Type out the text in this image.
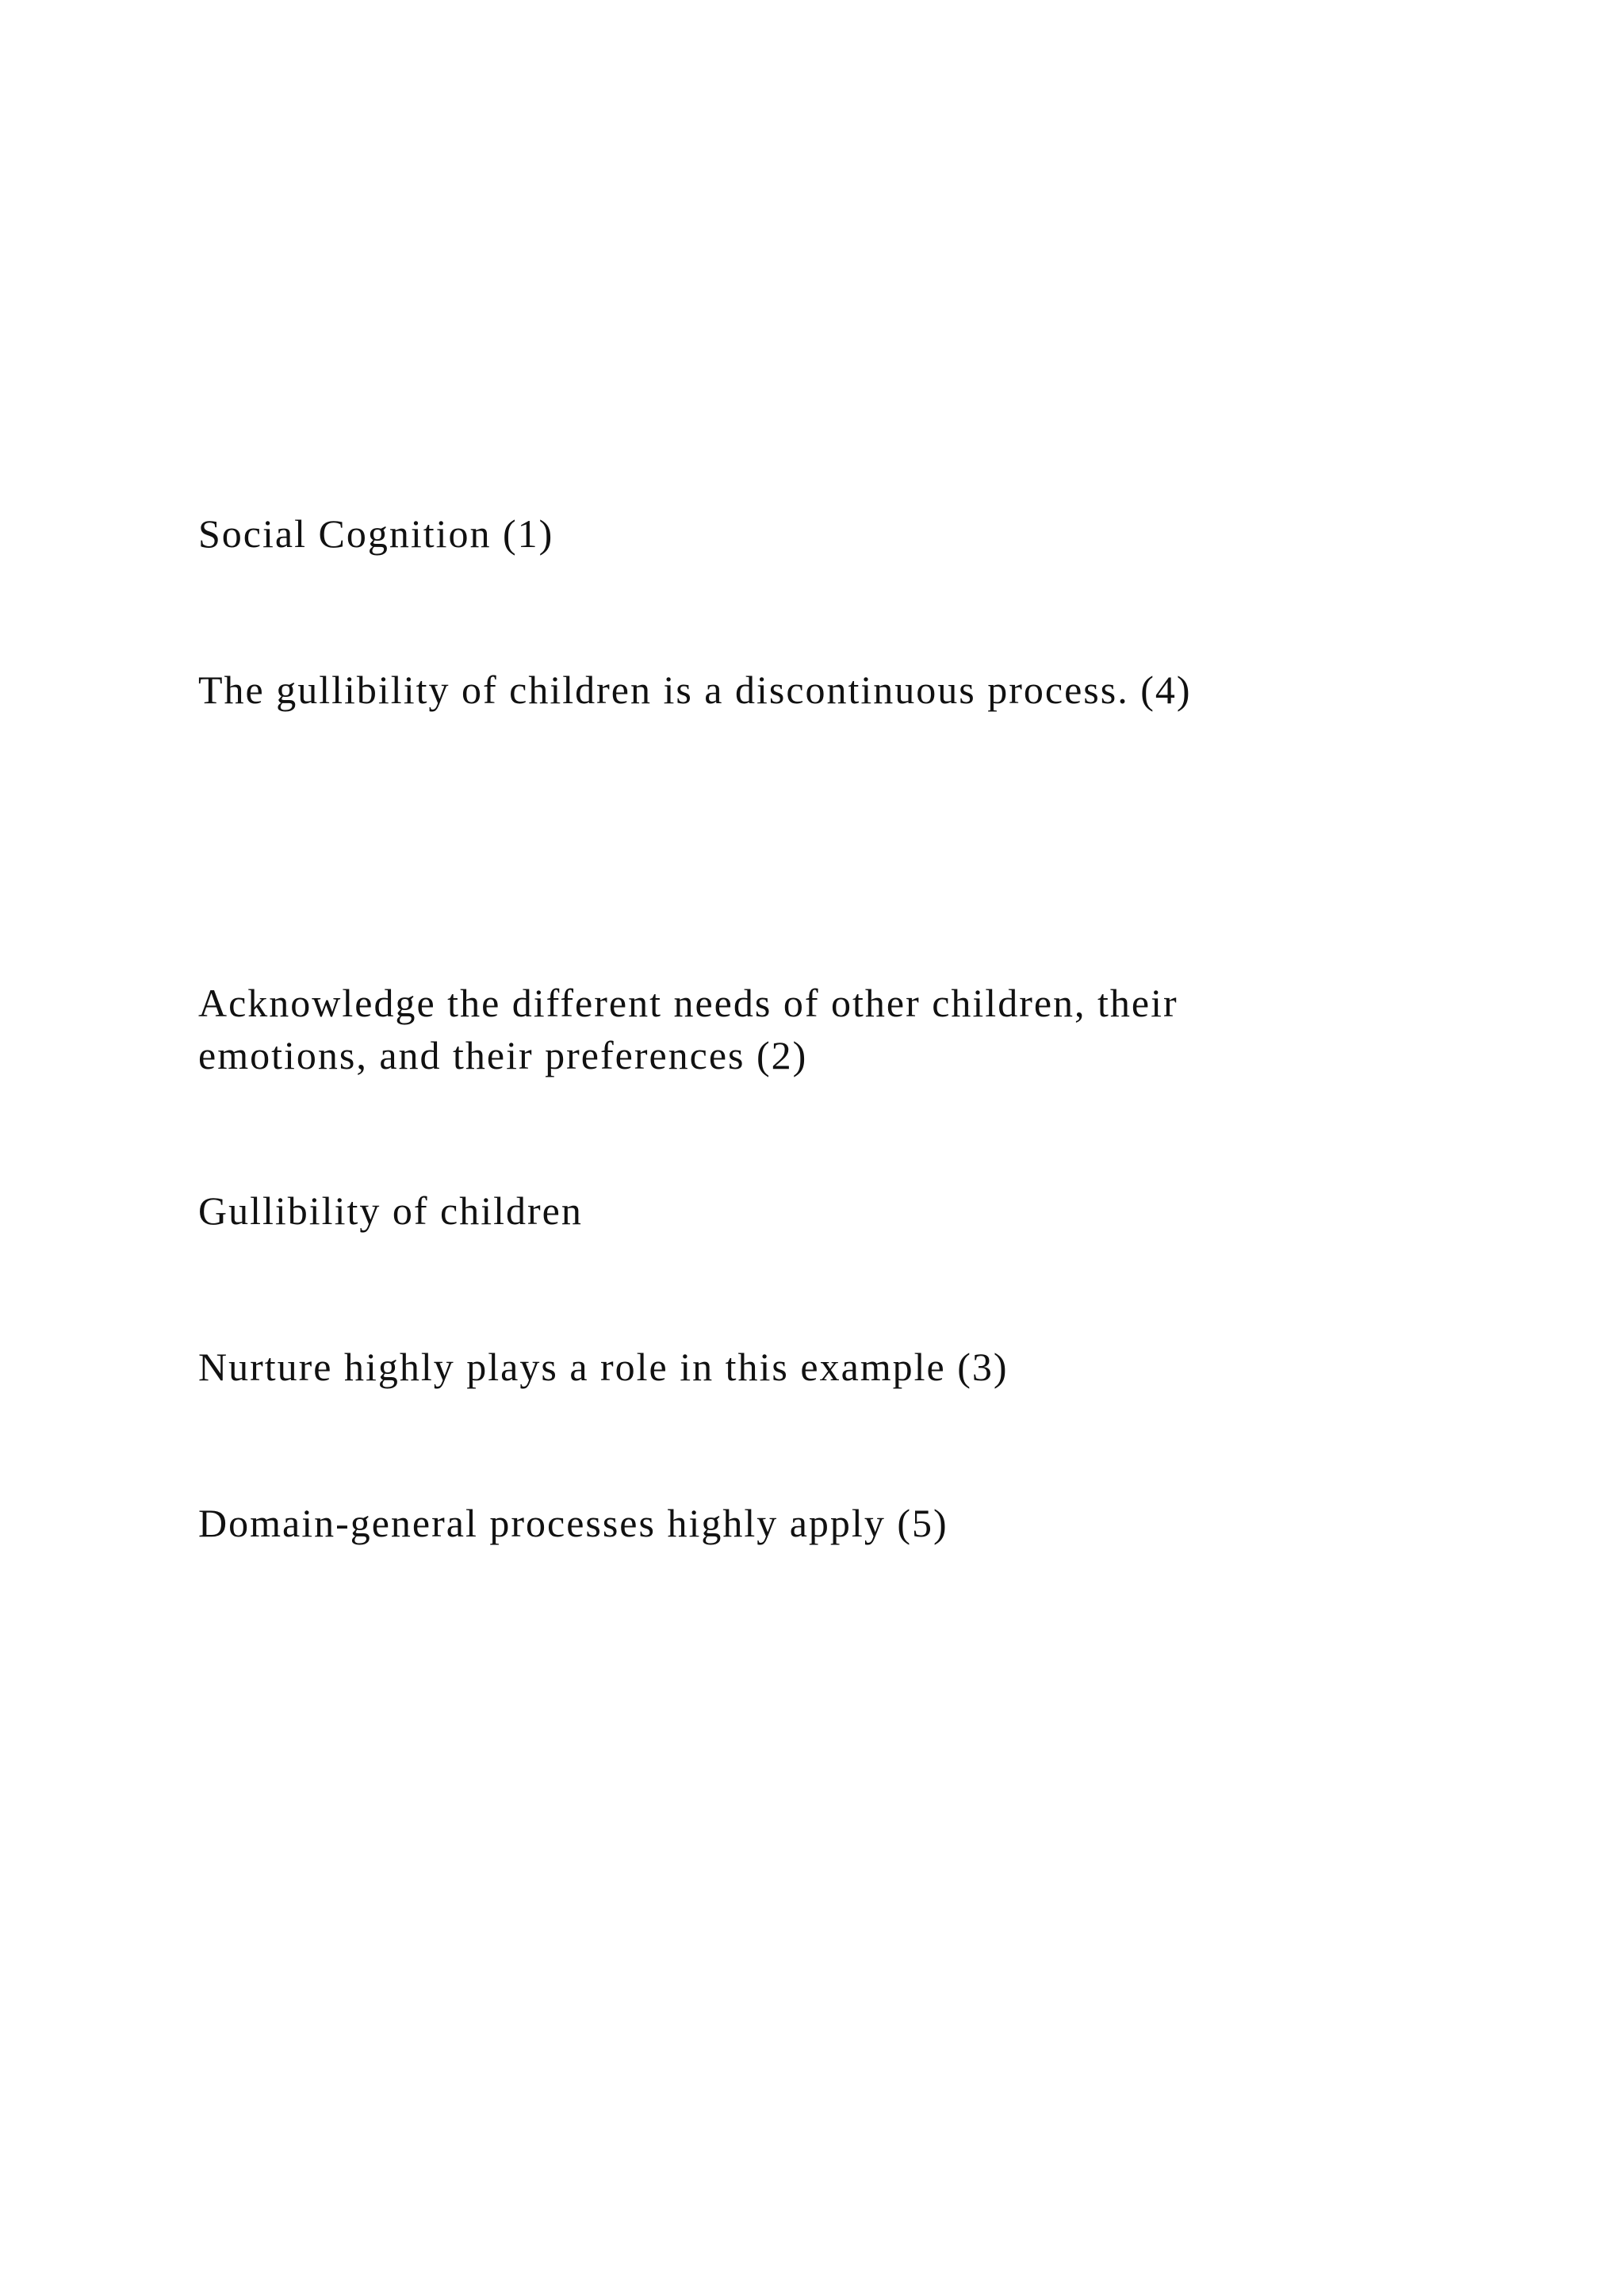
Social Cognition (1)

The gullibility of children is a discontinuous process. (4)

Acknowledge the different needs of other children, their
emotions, and their preferences (2)

Gullibility of children

Nurture highly plays a role in this example (3)

Domain-general processes highly apply (5)
